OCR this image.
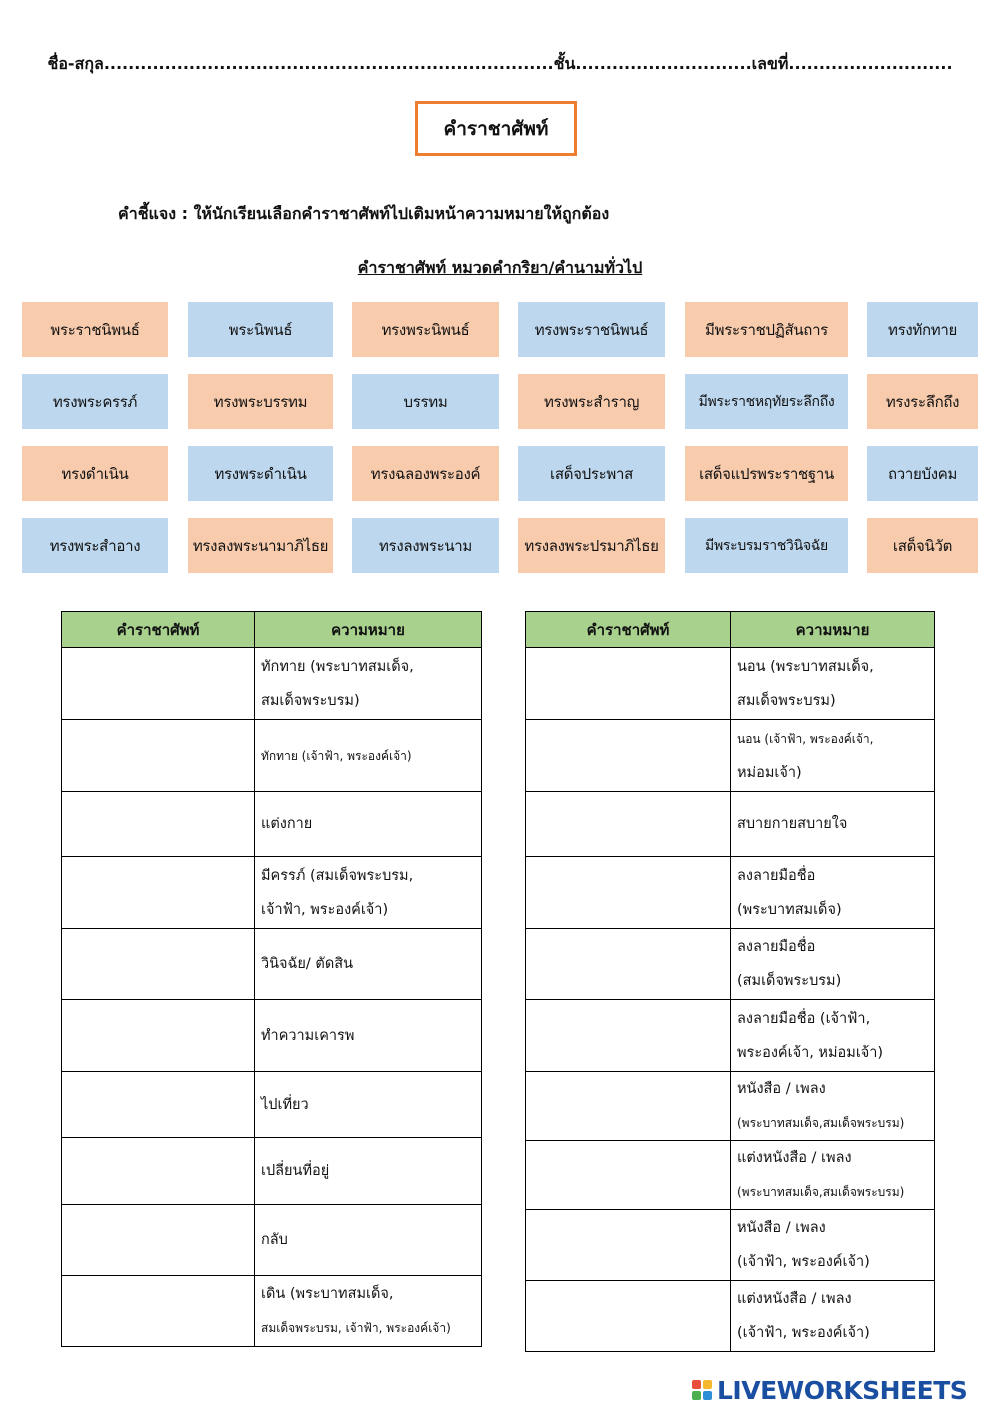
ชื่อ-สกุล..........................................................................ชั้น.............................เลขที่...........................
คำราชาศัพท์
คำชี้แจง : ให้นักเรียนเลือกคำราชาศัพท์ไปเติมหน้าความหมายให้ถูกต้อง
คำราชาศัพท์ หมวดคำกริยา/คำนามทั่วไป
พระราชนิพนธ์	พระนิพนธ์	ทรงพระนิพนธ์	ทรงพระราชนิพนธ์	มีพระราชปฏิสันถาร	ทรงทักทาย
ทรงพระครรภ์	ทรงพระบรรทม	บรรทม	ทรงพระสำราญ	มีพระราชหฤทัยระลึกถึง	ทรงระลึกถึง
ทรงดำเนิน	ทรงพระดำเนิน	ทรงฉลองพระองค์	เสด็จประพาส	เสด็จแปรพระราชฐาน	ถวายบังคม
ทรงพระสำอาง	ทรงลงพระนามาภิไธย	ทรงลงพระนาม	ทรงลงพระปรมาภิไธย	มีพระบรมราชวินิจฉัย	เสด็จนิวัต
คำราชาศัพท์	ความหมาย

	ทักทาย (พระบาทสมเด็จ,
สมเด็จพระบรม)

	ทักทาย (เจ้าฟ้า, พระองค์เจ้า)

	แต่งกาย

	มีครรภ์ (สมเด็จพระบรม,
เจ้าฟ้า, พระองค์เจ้า)

	วินิจฉัย/ ตัดสิน

	ทำความเคารพ

	ไปเที่ยว

	เปลี่ยนที่อยู่

	กลับ

	เดิน (พระบาทสมเด็จ,
สมเด็จพระบรม, เจ้าฟ้า, พระองค์เจ้า)
คำราชาศัพท์	ความหมาย

	นอน (พระบาทสมเด็จ,
สมเด็จพระบรม)

	นอน (เจ้าฟ้า, พระองค์เจ้า,
หม่อมเจ้า)

	สบายกายสบายใจ

	ลงลายมือชื่อ
(พระบาทสมเด็จ)

	ลงลายมือชื่อ
(สมเด็จพระบรม)

	ลงลายมือชื่อ (เจ้าฟ้า,
พระองค์เจ้า, หม่อมเจ้า)

	หนังสือ / เพลง
(พระบาทสมเด็จ,สมเด็จพระบรม)

	แต่งหนังสือ / เพลง
(พระบาทสมเด็จ,สมเด็จพระบรม)

	หนังสือ / เพลง
(เจ้าฟ้า, พระองค์เจ้า)

	แต่งหนังสือ / เพลง
(เจ้าฟ้า, พระองค์เจ้า)
LIVEWORKSHEETS
